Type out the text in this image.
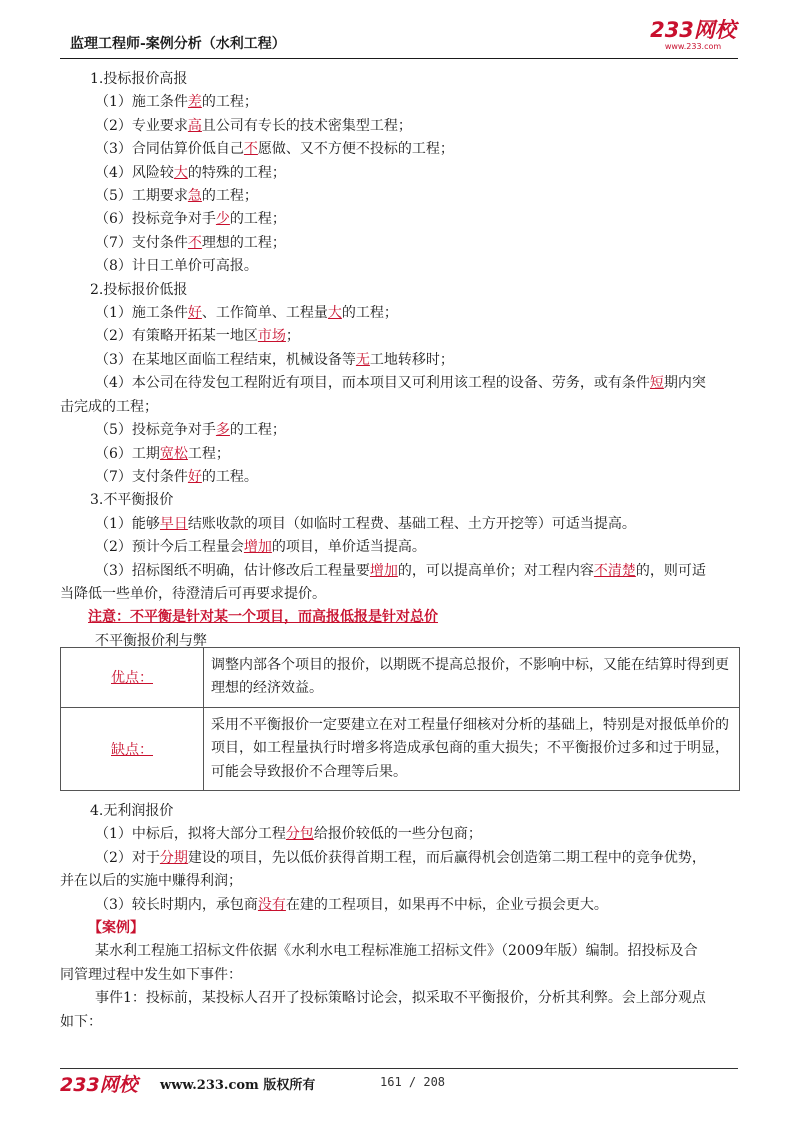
监理工程师-案例分析（水利工程）
233网校
www.233.com
1.投标报价高报
（1）施工条件差的工程；
（2）专业要求高且公司有专长的技术密集型工程；
（3）合同估算价低自己不愿做、又不方便不投标的工程；
（4）风险较大的特殊的工程；
（5）工期要求急的工程；
（6）投标竞争对手少的工程；
（7）支付条件不理想的工程；
（8）计日工单价可高报。
2.投标报价低报
（1）施工条件好、工作简单、工程量大的工程；
（2）有策略开拓某一地区市场；
（3）在某地区面临工程结束，机械设备等无工地转移时；
（4）本公司在待发包工程附近有项目，而本项目又可利用该工程的设备、劳务，或有条件短期内突
击完成的工程；
（5）投标竞争对手多的工程；
（6）工期宽松工程；
（7）支付条件好的工程。
3.不平衡报价
（1）能够早日结账收款的项目（如临时工程费、基础工程、土方开挖等）可适当提高。
（2）预计今后工程量会增加的项目，单价适当提高。
（3）招标图纸不明确，估计修改后工程量要增加的，可以提高单价；对工程内容不清楚的，则可适
当降低一些单价，待澄清后可再要求提价。
注意：不平衡是针对某一个项目，而高报低报是针对总价
不平衡报价利与弊
优点：	调整内部各个项目的报价，以期既不提高总报价，不影响中标，又能在结算时得到更理想的经济效益。
缺点：	采用不平衡报价一定要建立在对工程量仔细核对分析的基础上，特别是对报低单价的项目，如工程量执行时增多将造成承包商的重大损失；不平衡报价过多和过于明显，可能会导致报价不合理等后果。
4.无利润报价
（1）中标后，拟将大部分工程分包给报价较低的一些分包商；
（2）对于分期建设的项目，先以低价获得首期工程，而后赢得机会创造第二期工程中的竞争优势，
并在以后的实施中赚得利润；
（3）较长时期内，承包商没有在建的工程项目，如果再不中标，企业亏损会更大。
【案例】
某水利工程施工招标文件依据《水利水电工程标准施工招标文件》（2009年版）编制。招投标及合
同管理过程中发生如下事件：
事件1：投标前，某投标人召开了投标策略讨论会，拟采取不平衡报价，分析其利弊。会上部分观点
如下：
233网校 www.233.com 版权所有	161 / 208
